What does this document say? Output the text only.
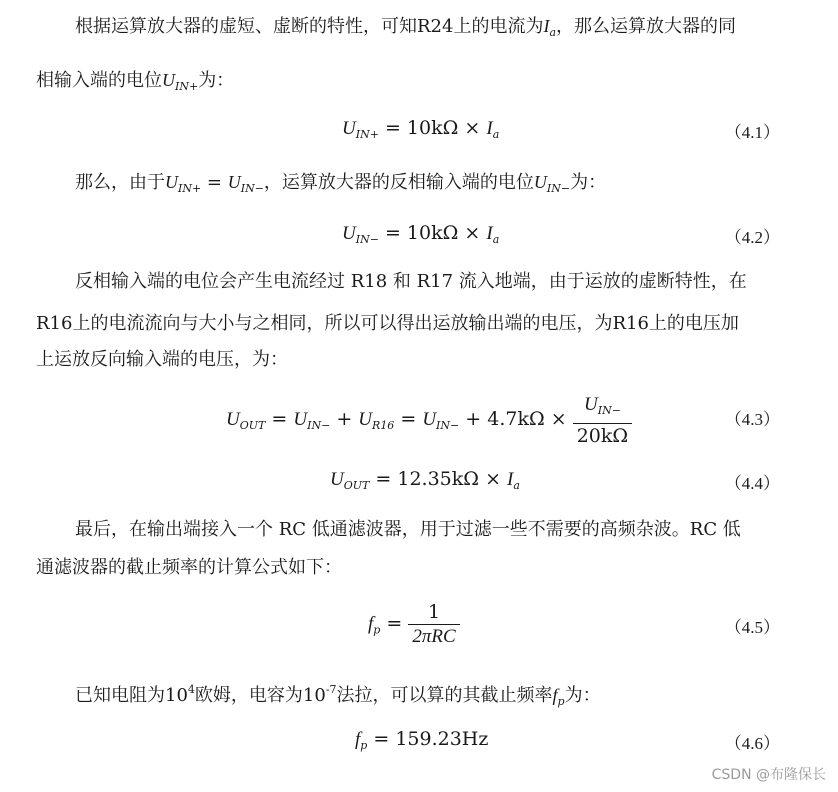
根据运算放大器的虚短、虚断的特性，可知R24上的电流为$I_a$，那么运算放大器的同
相输入端的电位$U_{IN+}$为：
$U_{IN+} = 10k\Omega \times I_a$	（4.1）
那么，由于$U_{IN+} = U_{IN-}$，运算放大器的反相输入端的电位$U_{IN-}$为：
$U_{IN-} = 10k\Omega \times I_a$	（4.2）
反相输入端的电位会产生电流经过 R18 和 R17 流入地端，由于运放的虚断特性，在
R16上的电流流向与大小与之相同，所以可以得出运放输出端的电压，为R16上的电压加
上运放反向输入端的电压，为：
$U_{OUT} = U_{IN-} + U_{R16} = U_{IN-} + 4.7k\Omega \times \frac{U_{IN-}}{20k\Omega}$	（4.3）
$U_{OUT} = 12.35k\Omega \times I_a$	（4.4）
最后，在输出端接入一个 RC 低通滤波器，用于过滤一些不需要的高频杂波。RC 低
通滤波器的截止频率的计算公式如下：
$f_p = \frac{1}{\text{2πRC}}$	（4.5）
已知电阻为$10^4$欧姆，电容为$10^{-7}$法拉，可以算的其截止频率$f_p$为：
$f_p = 159.23Hz$	（4.6）
CSDN @布隆保长
